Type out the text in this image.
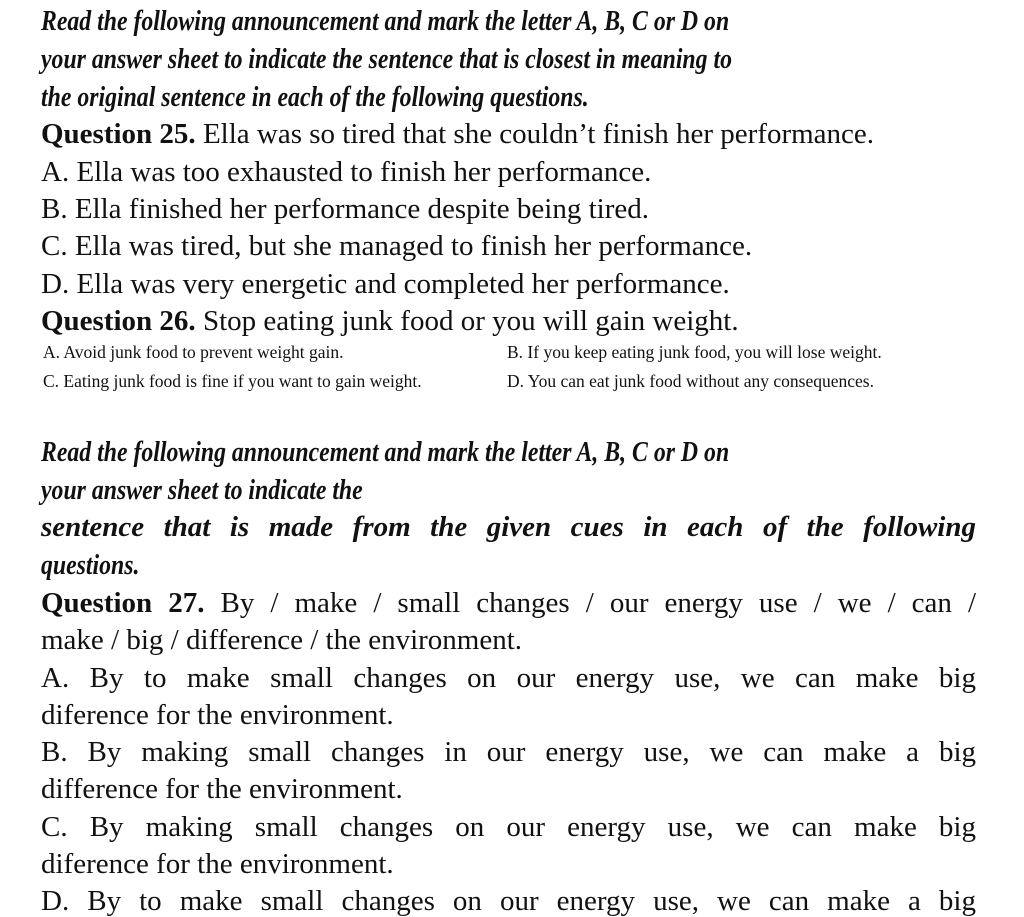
Read the following announcement and mark the letter A, B, C or D on
your answer sheet to indicate the sentence that is closest in meaning to
the original sentence in each of the following questions.
Question 25. Ella was so tired that she couldn’t finish her performance.
A. Ella was too exhausted to finish her performance.
B. Ella finished her performance despite being tired.
C. Ella was tired, but she managed to finish her performance.
D. Ella was very energetic and completed her performance.
Question 26. Stop eating junk food or you will gain weight.
A. Avoid junk food to prevent weight gain.	B. If you keep eating junk food, you will lose weight.
C. Eating junk food is fine if you want to gain weight.	D. You can eat junk food without any consequences.
Read the following announcement and mark the letter A, B, C or D on
your answer sheet to indicate the
sentence that is made from the given cues in each of the following
questions.
Question 27. By / make / small changes / our energy use / we / can /
make / big / difference / the environment.
A. By to make small changes on our energy use, we can make big
diference for the environment.
B. By making small changes in our energy use, we can make a big
difference for the environment.
C. By making small changes on our energy use, we can make big
diference for the environment.
D. By to make small changes on our energy use, we can make a big
